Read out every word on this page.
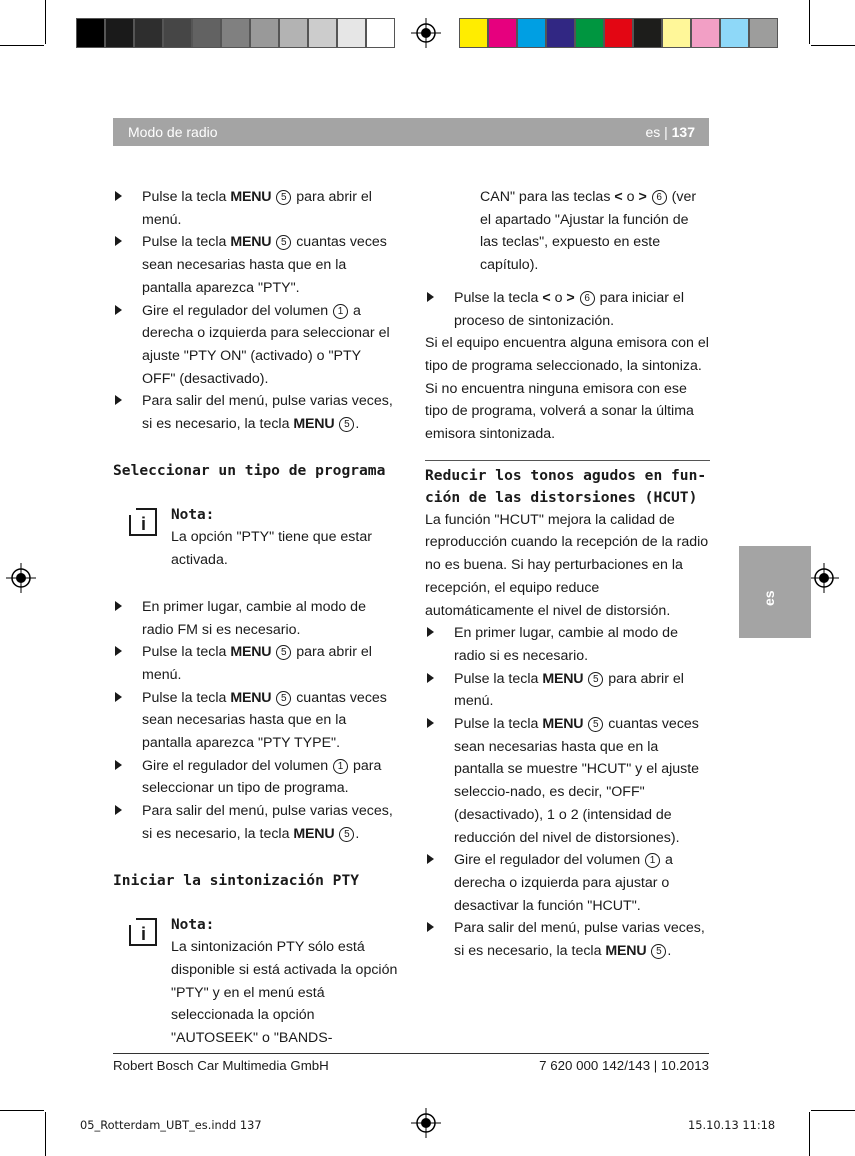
Modo de radio	es | 137
es

Pulse la tecla MENU 5 para abrir el menú.

Pulse la tecla MENU 5 cuantas veces sean necesarias hasta que en la pantalla aparezca "PTY".

Gire el regulador del volumen 1 a derecha o izquierda para seleccionar el ajuste "PTY ON" (activado) o "PTY OFF" (desactivado).

Para salir del menú, pulse varias veces, si es necesario, la tecla MENU 5 .

Seleccionar un tipo de programa

i Nota:
La opción "PTY" tiene que estar activada.

En primer lugar, cambie al modo de radio FM si es necesario.

Pulse la tecla MENU 5 para abrir el menú.

Pulse la tecla MENU 5 cuantas veces sean necesarias hasta que en la pantalla aparezca "PTY TYPE".

Gire el regulador del volumen 1 para seleccionar un tipo de programa.

Para salir del menú, pulse varias veces, si es necesario, la tecla MENU 5 .

Iniciar la sintonización PTY

i Nota:
La sintonización PTY sólo está disponible si está activada la opción "PTY" y en el menú está seleccionada la opción "AUTOSEEK" o "BANDS-

CAN" para las teclas < o > 6 (ver el apartado "Ajustar la función de las teclas", expuesto en este capítulo).

Pulse la tecla < o > 6 para iniciar el proceso de sintonización.

Si el equipo encuentra alguna emisora con el tipo de programa seleccionado, la sintoniza. Si no encuentra ninguna emisora con ese tipo de programa, volverá a sonar la última emisora sintonizada.

Reducir los tonos agudos en fun-ción de las distorsiones (HCUT)

La función "HCUT" mejora la calidad de reproducción cuando la recepción de la radio no es buena. Si hay perturbaciones en la recepción, el equipo reduce automáticamente el nivel de distorsión.

En primer lugar, cambie al modo de radio si es necesario.

Pulse la tecla MENU 5 para abrir el menú.

Pulse la tecla MENU 5 cuantas veces sean necesarias hasta que en la pantalla se muestre "HCUT" y el ajuste seleccio-nado, es decir, "OFF" (desactivado), 1 o 2 (intensidad de reducción del nivel de distorsiones).

Gire el regulador del volumen 1 a derecha o izquierda para ajustar o desactivar la función "HCUT".

Para salir del menú, pulse varias veces, si es necesario, la tecla MENU 5 .

Robert Bosch Car Multimedia GmbH	7 620 000 142/143 | 10.2013
05_Rotterdam_UBT_es.indd 137	15.10.13 11:18
